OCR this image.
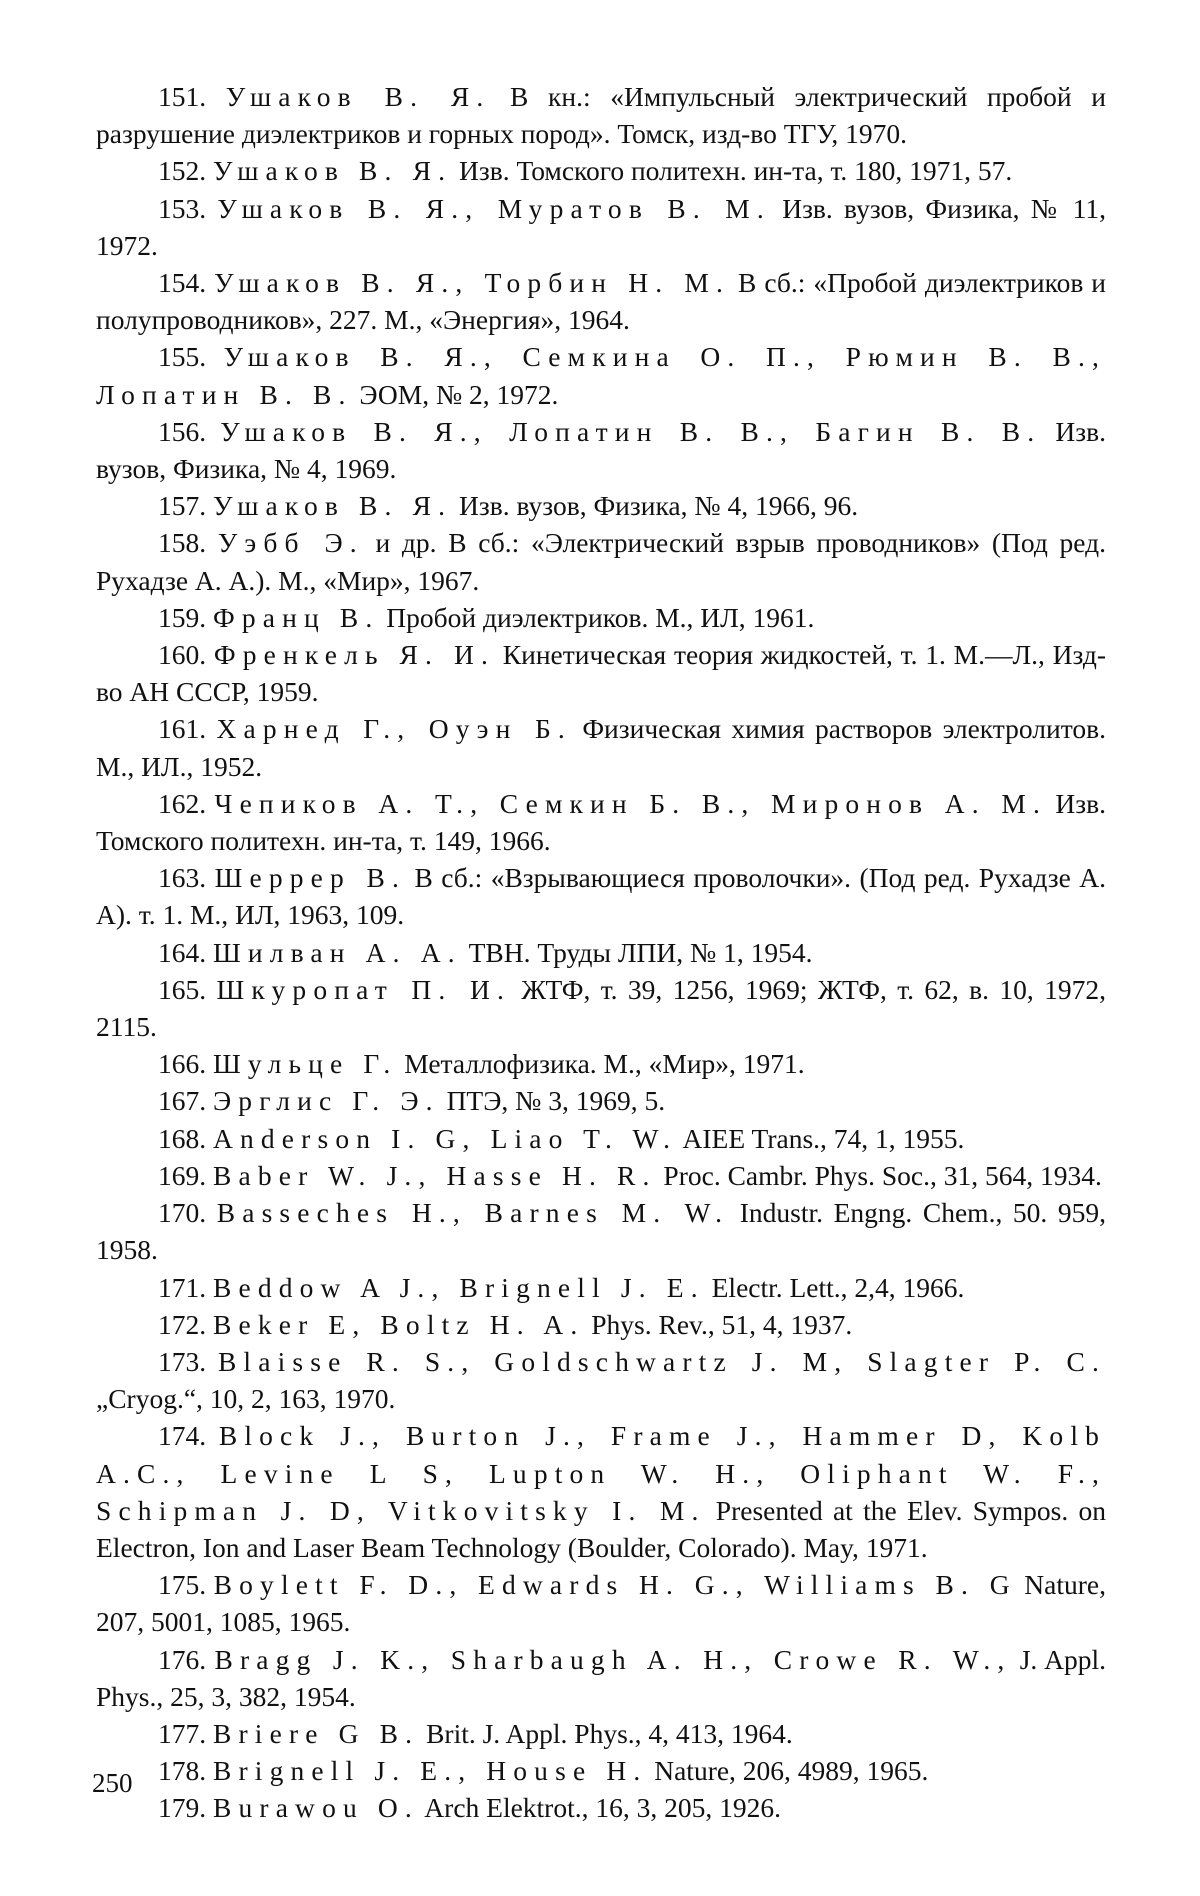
151. Ушаков В. Я. В кн.: «Импульсный электрический пробой и разрушение диэлектриков и горных пород». Томск, изд-во ТГУ, 1970.

152. Ушаков В. Я. Изв. Томского политехн. ин-та, т. 180, 1971, 57.

153. Ушаков В. Я., Муратов В. М. Изв. вузов, Физика, № 11, 1972.

154. Ушаков В. Я., Торбин Н. М. В сб.: «Пробой диэлектриков и полупроводников», 227. М., «Энергия», 1964.

155. Ушаков В. Я., Семкина О. П., Рюмин В. В., Лопатин В. В. ЭОМ, № 2, 1972.

156. Ушаков В. Я., Лопатин В. В., Багин В. В. Изв. вузов, Физика, № 4, 1969.

157. Ушаков В. Я. Изв. вузов, Физика, № 4, 1966, 96.

158. Уэбб Э. и др. В сб.: «Электрический взрыв проводников» (Под ред. Рухадзе А. А.). М., «Мир», 1967.

159. Франц В. Пробой диэлектриков. М., ИЛ, 1961.

160. Френкель Я. И. Кинетическая теория жидкостей, т. 1. М.—Л., Изд-во АН СССР, 1959.

161. Харнед Г., Оуэн Б. Физическая химия растворов электролитов. М., ИЛ., 1952.

162. Чепиков А. Т., Семкин Б. В., Миронов А. М. Изв. Томского политехн. ин-та, т. 149, 1966.

163. Шеррер В. В сб.: «Взрывающиеся проволочки». (Под ред. Рухадзе А. А). т. 1. М., ИЛ, 1963, 109.

164. Шилван А. А. ТВН. Труды ЛПИ, № 1, 1954.

165. Шкуропат П. И. ЖТФ, т. 39, 1256, 1969; ЖТФ, т. 62, в. 10, 1972, 2115.

166. Шульце Г. Металлофизика. М., «Мир», 1971.

167. Эрглис Г. Э. ПТЭ, № 3, 1969, 5.

168. Anderson I. G, Liao T. W. AIEE Trans., 74, 1, 1955.

169. Baber W. J., Hasse H. R. Proc. Cambr. Phys. Soc., 31, 564, 1934.

170. Basseches H., Barnes M. W. Industr. Engng. Chem., 50. 959, 1958.

171. Beddow A J., Brignell J. E. Electr. Lett., 2,4, 1966.

172. Beker E, Boltz H. A. Phys. Rev., 51, 4, 1937.

173. Blaisse R. S., Goldschwartz J. M, Slagter P. C. „Cryog.“, 10, 2, 163, 1970.

174. Block J., Burton J., Frame J., Hammer D, Kolb A.C., Levine L S, Lupton W. H., Oliphant W. F., Schipman J. D, Vitkovitsky I. M. Presented at the Elev. Sympos. on Electron, Ion and Laser Beam Technology (Boulder, Colorado). May, 1971.

175. Boylett F. D., Edwards H. G., Williams B. G Nature, 207, 5001, 1085, 1965.

176. Bragg J. K., Sharbaugh A. H., Crowe R. W., J. Appl. Phys., 25, 3, 382, 1954.

177. Briere G B. Brit. J. Appl. Phys., 4, 413, 1964.

178. Brignell J. E., House H. Nature, 206, 4989, 1965.

179. Burawou O. Arch Elektrot., 16, 3, 205, 1926.

250
